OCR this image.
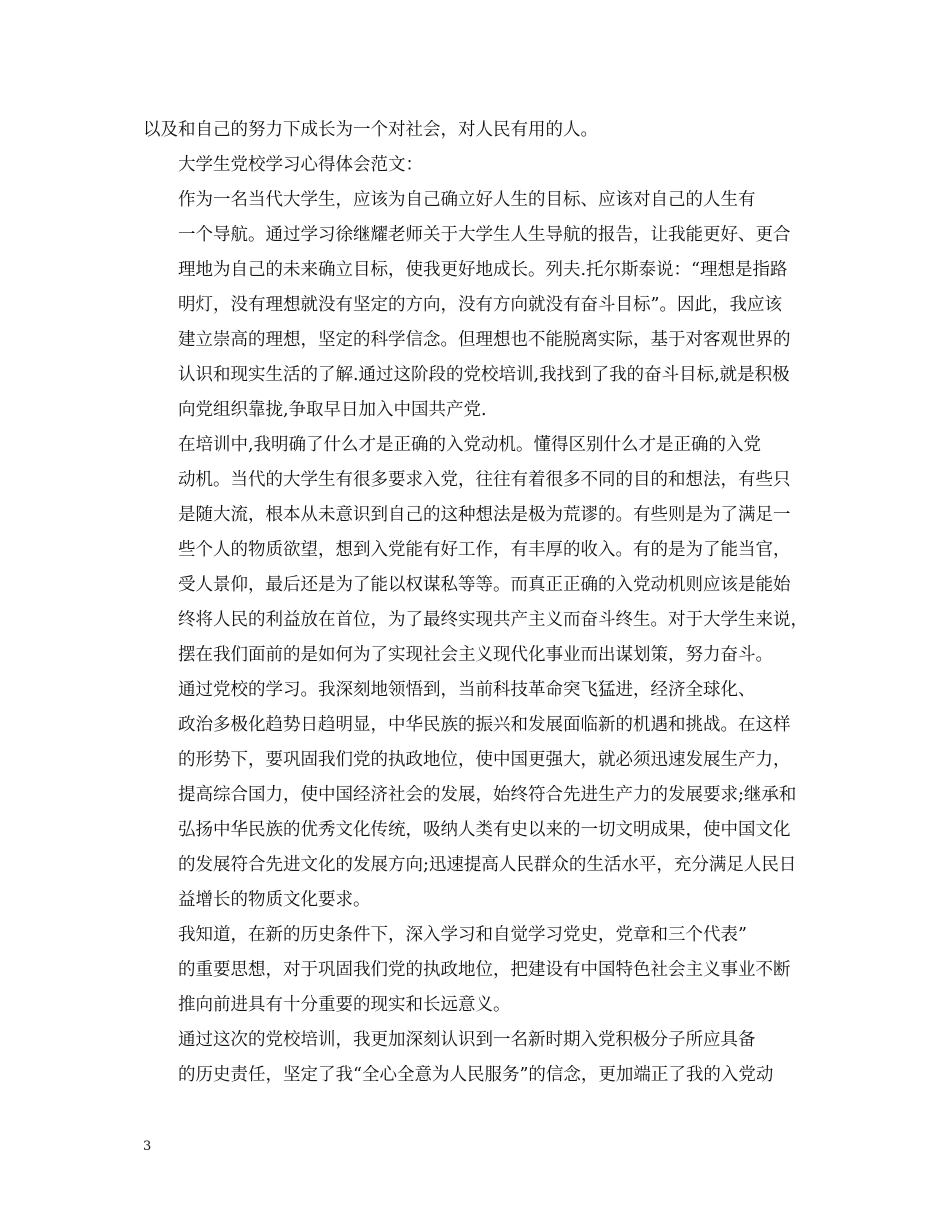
以及和自己的努力下成长为一个对社会，对人民有用的人。

大学生党校学习心得体会范文：

作为一名当代大学生，应该为自己确立好人生的目标、应该对自己的人生有
一个导航。通过学习徐继耀老师关于大学生人生导航的报告，让我能更好、更合
理地为自己的未来确立目标，使我更好地成长。列夫.托尔斯泰说：“理想是指路
明灯，没有理想就没有坚定的方向，没有方向就没有奋斗目标”。因此，我应该
建立崇高的理想，坚定的科学信念。但理想也不能脱离实际，基于对客观世界的
认识和现实生活的了解.通过这阶段的党校培训,我找到了我的奋斗目标,就是积极
向党组织靠拢,争取早日加入中国共产党.

在培训中,我明确了什么才是正确的入党动机。懂得区别什么才是正确的入党
动机。当代的大学生有很多要求入党，往往有着很多不同的目的和想法，有些只
是随大流，根本从未意识到自己的这种想法是极为荒谬的。有些则是为了满足一
些个人的物质欲望，想到入党能有好工作，有丰厚的收入。有的是为了能当官，
受人景仰，最后还是为了能以权谋私等等。而真正正确的入党动机则应该是能始
终将人民的利益放在首位，为了最终实现共产主义而奋斗终生。对于大学生来说，
摆在我们面前的是如何为了实现社会主义现代化事业而出谋划策，努力奋斗。

通过党校的学习。我深刻地领悟到，当前科技革命突飞猛进，经济全球化、
政治多极化趋势日趋明显，中华民族的振兴和发展面临新的机遇和挑战。在这样
的形势下，要巩固我们党的执政地位，使中国更强大，就必须迅速发展生产力，
提高综合国力，使中国经济社会的发展，始终符合先进生产力的发展要求;继承和
弘扬中华民族的优秀文化传统，吸纳人类有史以来的一切文明成果，使中国文化
的发展符合先进文化的发展方向;迅速提高人民群众的生活水平，充分满足人民日
益增长的物质文化要求。

我知道，在新的历史条件下，深入学习和自觉学习党史，党章和三个代表”
的重要思想，对于巩固我们党的执政地位，把建设有中国特色社会主义事业不断
推向前进具有十分重要的现实和长远意义。

通过这次的党校培训，我更加深刻认识到一名新时期入党积极分子所应具备
的历史责任，坚定了我“全心全意为人民服务”的信念，更加端正了我的入党动

3
